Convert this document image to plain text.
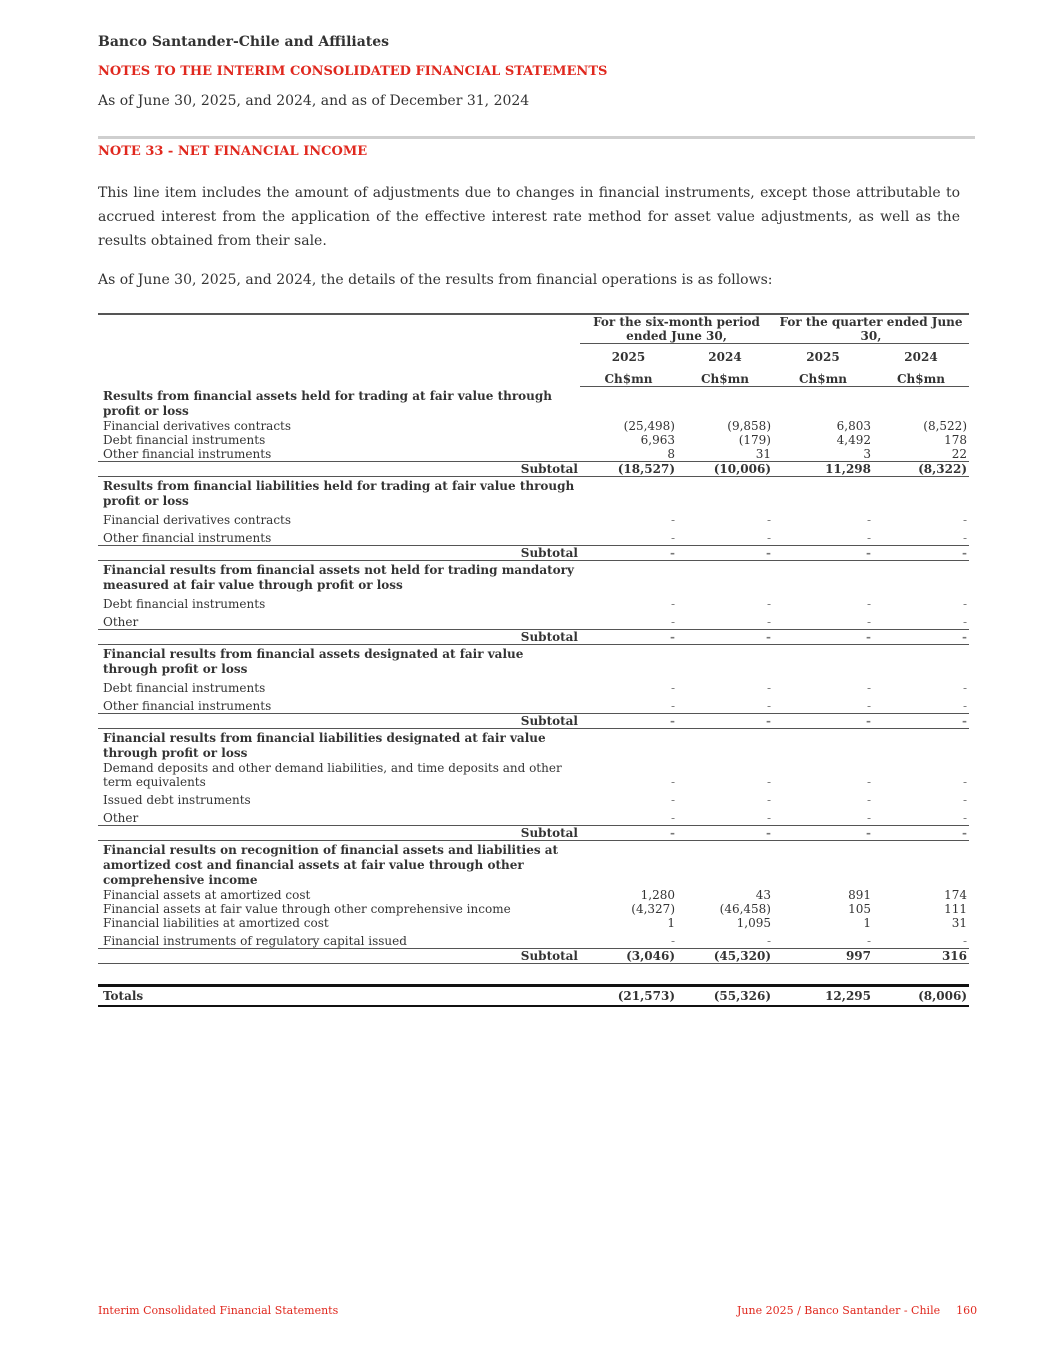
Banco Santander-Chile and Affiliates
NOTES TO THE INTERIM CONSOLIDATED FINANCIAL STATEMENTS
As of June 30, 2025, and 2024, and as of December 31, 2024
NOTE 33 - NET FINANCIAL INCOME
This line item includes the amount of adjustments due to changes in financial instruments, except those attributable to accrued interest from the application of the effective interest rate method for asset value adjustments, as well as the results obtained from their sale.
As of June 30, 2025, and 2024, the details of the results from financial operations is as follows:

	For the six-month period ended June 30,		For the quarter ended June 30,	
	2025	2024	2025	2024
	Ch$mn	Ch$mn	Ch$mn	Ch$mn
Results from financial assets held for trading at fair value through profit or loss				
Financial derivatives contracts	(25,498)	(9,858)	6,803	(8,522)
Debt financial instruments	6,963	(179)	4,492	178
Other financial instruments	8	31	3	22
Subtotal	(18,527)	(10,006)	11,298	(8,322)
Results from financial liabilities held for trading at fair value through profit or loss				
Financial derivatives contracts	-	-	-	-
Other financial instruments	-	-	-	-
Subtotal	-	-	-	-
Financial results from financial assets not held for trading mandatory measured at fair value through profit or loss				
Debt financial instruments	-	-	-	-
Other	-	-	-	-
Subtotal	-	-	-	-
Financial results from financial assets designated at fair value through profit or loss				
Debt financial instruments	-	-	-	-
Other financial instruments	-	-	-	-
Subtotal	-	-	-	-
Financial results from financial liabilities designated at fair value through profit or loss				
Demand deposits and other demand liabilities, and time deposits and other term equivalents	-	-	-	-
Issued debt instruments	-	-	-	-
Other	-	-	-	-
Subtotal	-	-	-	-
Financial results on recognition of financial assets and liabilities at amortized cost and financial assets at fair value through other comprehensive income				
Financial assets at amortized cost	1,280	43	891	174
Financial assets at fair value through other comprehensive income	(4,327)	(46,458)	105	111
Financial liabilities at amortized cost	1	1,095	1	31
Financial instruments of regulatory capital issued	-	-	-	-
Subtotal	(3,046)	(45,320)	997	316

Totals	(21,573)	(55,326)	12,295	(8,006)
Interim Consolidated Financial Statements	June 2025 / Banco Santander - Chile 160
